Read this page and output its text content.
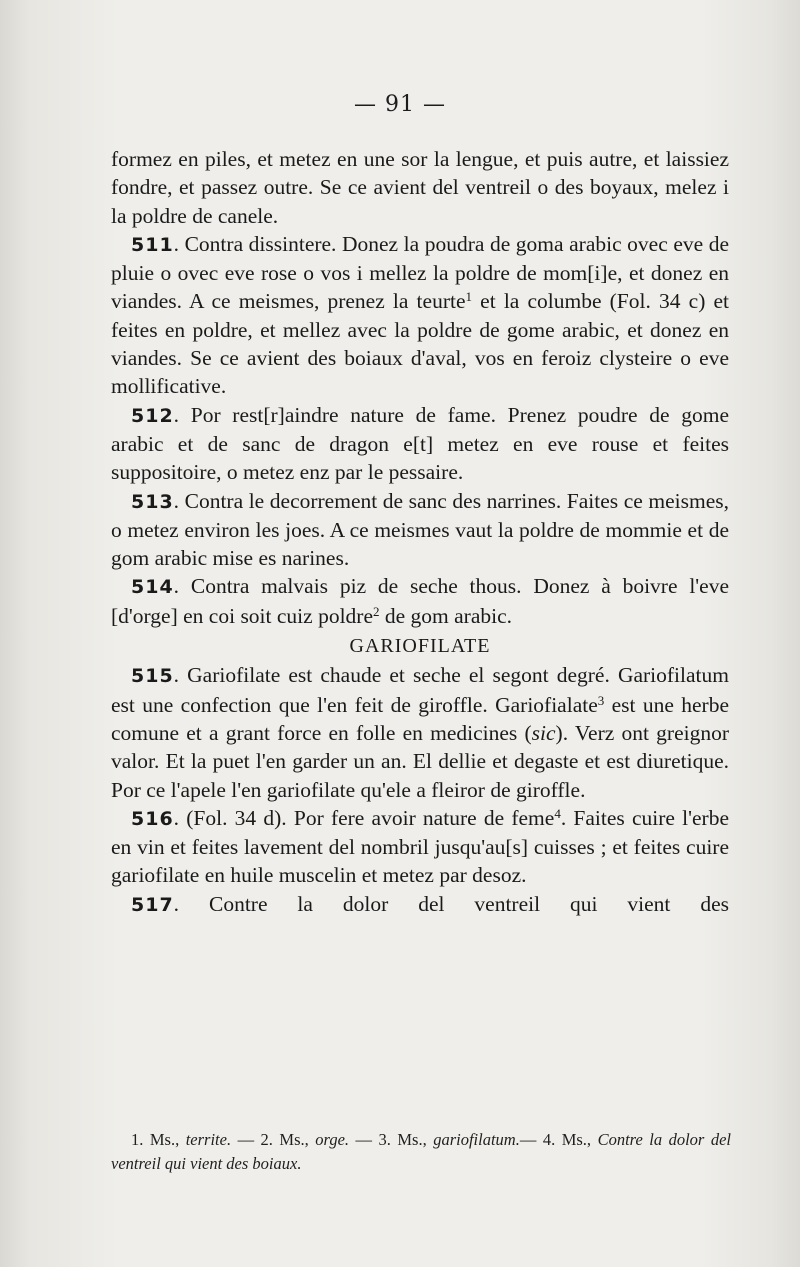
— 91 —
formez en piles, et metez en une sor la lengue, et puis autre, et laissiez fondre, et passez outre. Se ce avient del ventreil o des boyaux, melez i la poldre de canele.
511. Contra dissintere. Donez la poudra de goma arabic ovec eve de pluie o ovec eve rose o vos i mellez la poldre de mom[i]e, et donez en viandes. A ce meismes, prenez la teurte$^1$ et la columbe (Fol. 34 c) et feites en poldre, et mellez avec la poldre de gome arabic, et donez en viandes. Se ce avient des boiaux d'aval, vos en feroiz clysteire o eve mollificative.
512. Por rest[r]aindre nature de fame. Prenez poudre de gome arabic et de sanc de dragon e[t] metez en eve rouse et feites suppositoire, o metez enz par le pessaire.
513. Contra le decorrement de sanc des narrines. Faites ce meismes, o metez environ les joes. A ce meismes vaut la poldre de mommie et de gom arabic mise es narines.
514. Contra malvais piz de seche thous. Donez à boivre l'eve [d'orge] en coi soit cuiz poldre$^2$ de gom arabic.
GARIOFILATE
515. Gariofilate est chaude et seche el segont degré. Gariofilatum est une confection que l'en feit de giroffle. Gariofialate$^3$ est une herbe comune et a grant force en folle en medicines (sic). Verz ont greignor valor. Et la puet l'en garder un an. El dellie et degaste et est diuretique. Por ce l'apele l'en gariofilate qu'ele a fleiror de giroffle.
516. (Fol. 34 d). Por fere avoir nature de feme$^4$. Faites cuire l'erbe en vin et feites lavement del nombril jusqu'au[s] cuisses ; et feites cuire gariofilate en huile muscelin et metez par desoz.
517. Contre la dolor del ventreil qui vient des
1. Ms., territe. — 2. Ms., orge. — 3. Ms., gariofilatum.— 4. Ms., Contre la dolor del ventreil qui vient des boiaux.
